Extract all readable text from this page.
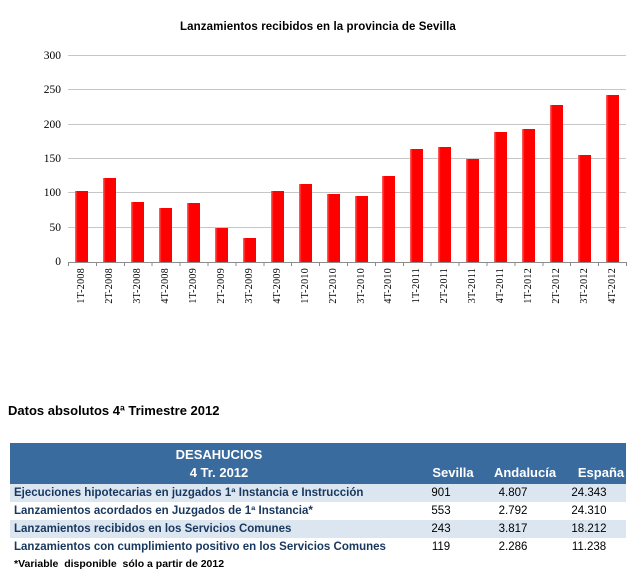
Lanzamientos recibidos en la provincia de Sevilla
0
50
100
150
200
250
300
1T-2008 2T-2008 3T-2008 4T-2008 1T-2009 2T-2009 3T-2009 4T-2009 1T-2010 2T-2010 3T-2010 4T-2010 1T-2011 2T-2011 3T-2011 4T-2011 1T-2012 2T-2012 3T-2012 4T-2012
Datos absolutos 4ª Trimestre 2012
DESAHUCIOS
4 Tr. 2012	Sevilla	Andalucía	España
Ejecuciones hipotecarias en juzgados 1ª Instancia e Instrucción	901	4.807	24.343
Lanzamientos acordados en Juzgados de 1ª Instancia*	553	2.792	24.310
Lanzamientos recibidos en los Servicios Comunes	243	3.817	18.212
Lanzamientos con cumplimiento positivo en los Servicios Comunes	119	2.286	11.238
*Variable  disponible  sólo a partir de 2012
